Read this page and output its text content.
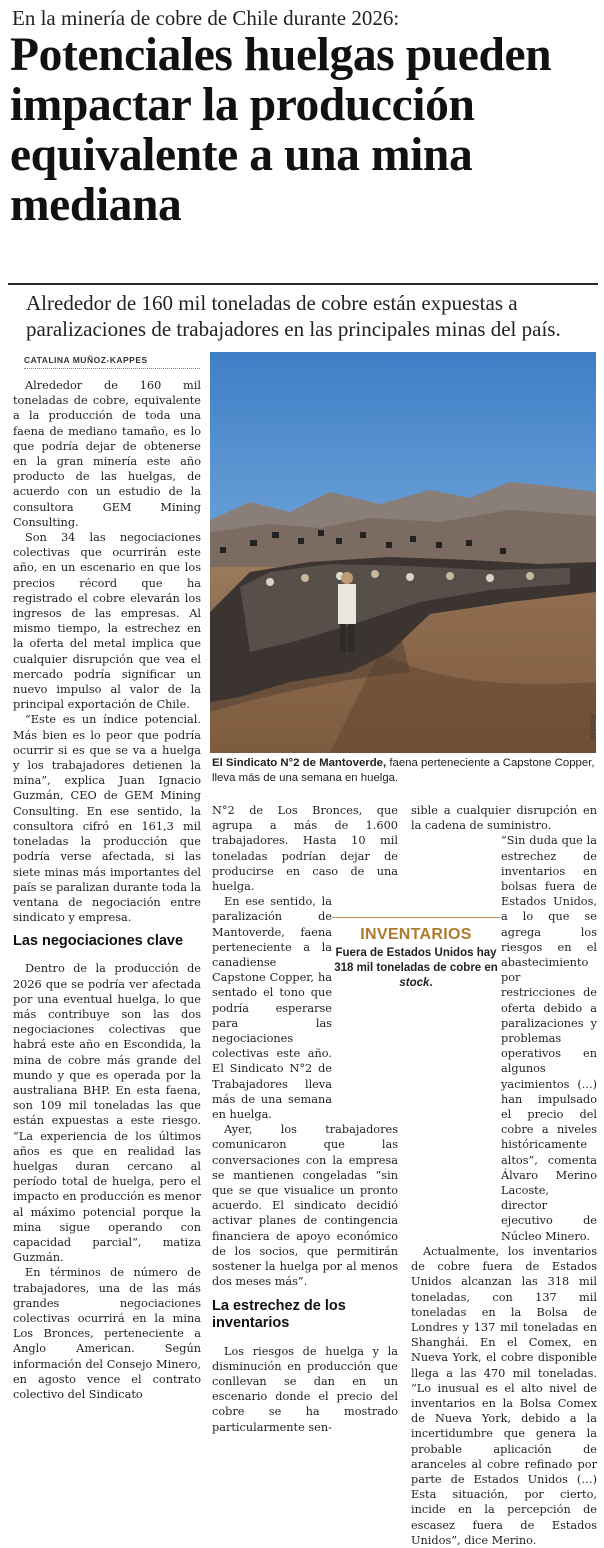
En la minería de cobre de Chile durante 2026:
Potenciales huelgas pueden impactar la producción equivalente a una mina mediana
Alrededor de 160 mil toneladas de cobre están expuestas a paralizaciones de trabajadores en las principales minas del país.
CATALINA MUÑOZ-KAPPES
CEDIDA
El Sindicato N°2 de Mantoverde, faena perteneciente a Capstone Copper, lleva más de una semana en huelga.

Alrededor de 160 mil toneladas de cobre, equivalente a la producción de toda una faena de mediano tamaño, es lo que podría dejar de obtenerse en la gran minería este año producto de las huelgas, de acuerdo con un estudio de la consultora GEM Mining Consulting.

Son 34 las negociaciones colectivas que ocurrirán este año, en un escenario en que los precios récord que ha registrado el cobre elevarán los ingresos de las empresas. Al mismo tiempo, la estrechez en la oferta del metal implica que cualquier disrupción que vea el mercado podría significar un nuevo impulso al valor de la principal exportación de Chile.

“Este es un índice potencial. Más bien es lo peor que podría ocurrir si es que se va a huelga y los trabajadores detienen la mina”, explica Juan Ignacio Guzmán, CEO de GEM Mining Consulting. En ese sentido, la consultora cifró en 161,3 mil toneladas la producción que podría verse afectada, si las siete minas más importantes del país se paralizan durante toda la ventana de negociación entre sindicato y empresa.

Las negociaciones clave

Dentro de la producción de 2026 que se podría ver afectada por una eventual huelga, lo que más contribuye son las dos negociaciones colectivas que habrá este año en Escondida, la mina de cobre más grande del mundo y que es operada por la australiana BHP. En esta faena, son 109 mil toneladas las que están expuestas a este riesgo. “La experiencia de los últimos años es que en realidad las huelgas duran cercano al período total de huelga, pero el impacto en producción es menor al máximo potencial porque la mina sigue operando con capacidad parcial”, matiza Guzmán.

En términos de número de trabajadores, una de las más grandes negociaciones colectivas ocurrirá en la mina Los Bronces, perteneciente a Anglo American. Según información del Consejo Minero, en agosto vence el contrato colectivo del Sindicato

N°2 de Los Bronces, que agrupa a más de 1.600 trabajadores. Hasta 10 mil toneladas podrían dejar de producirse en caso de una huelga.

En ese sentido, la paralización de Mantoverde, faena perteneciente a la canadiense Capstone Copper, ha sentado el tono que podría esperarse para las negociaciones colectivas este año. El Sindicato N°2 de Trabajadores lleva más de una semana en huelga.

Ayer, los trabajadores comunicaron que las conversaciones con la empresa se mantienen congeladas “sin que se que visualice un pronto acuerdo. El sindicato decidió activar planes de contingencia financiera de apoyo económico de los socios, que permitirán sostener la huelga por al menos dos meses más”.

La estrechez de los inventarios

Los riesgos de huelga y la disminución en producción que conllevan se dan en un escenario donde el precio del cobre se ha mostrado particularmente sen-

sible a cualquier disrupción en la cadena de suministro.

“Sin duda que la estrechez de inventarios en bolsas fuera de Estados Unidos, a lo que se agrega los riesgos en el abastecimiento por restricciones de oferta debido a paralizaciones y problemas operativos en algunos yacimientos (...) han impulsado el precio del cobre a niveles históricamente altos”, comenta Álvaro Merino Lacoste, director ejecutivo de Núcleo Minero.

Actualmente, los inventarios de cobre fuera de Estados Unidos alcanzan las 318 mil toneladas, con 137 mil toneladas en la Bolsa de Londres y 137 mil toneladas en Shanghái. En el Comex, en Nueva York, el cobre disponible llega a las 470 mil toneladas. “Lo inusual es el alto nivel de inventarios en la Bolsa Comex de Nueva York, debido a la incertidumbre que genera la probable aplicación de aranceles al cobre refinado por parte de Estados Unidos (…) Esta situación, por cierto, incide en la percepción de escasez fuera de Estados Unidos”, dice Merino.

INVENTARIOS
Fuera de Estados Unidos hay 318 mil toneladas de cobre en stock.
